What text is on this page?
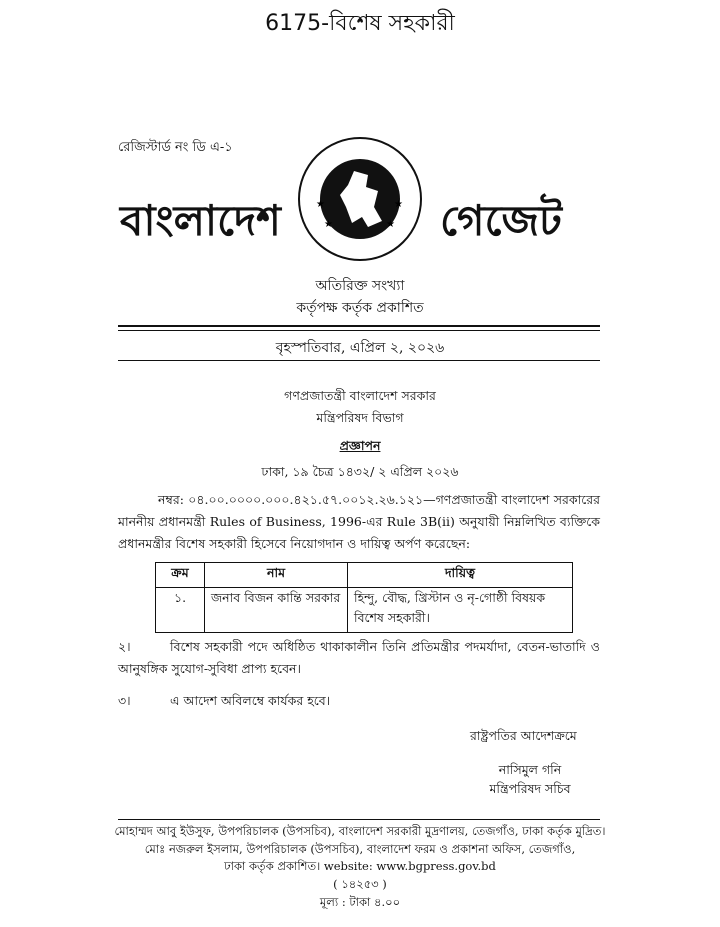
6175-বিশেষ সহকারী
রেজিস্টার্ড নং ডি এ-১
বাংলাদেশ	★	★
★	★ গেজেট
অতিরিক্ত সংখ্যা
কর্তৃপক্ষ কর্তৃক প্রকাশিত
বৃহস্পতিবার, এপ্রিল ২, ২০২৬
গণপ্রজাতন্ত্রী বাংলাদেশ সরকার
মন্ত্রিপরিষদ বিভাগ
প্রজ্ঞাপন
ঢাকা, ১৯ চৈত্র ১৪৩২/ ২ এপ্রিল ২০২৬
নম্বর: ০৪.০০.০০০০.০০০.৪২১.৫৭.০০১২.২৬.১২১—গণপ্রজাতন্ত্রী বাংলাদেশ সরকারের মাননীয় প্রধানমন্ত্রী Rules of Business, 1996-এর Rule 3B(ii) অনুযায়ী নিম্নলিখিত ব্যক্তিকে প্রধানমন্ত্রীর বিশেষ সহকারী হিসেবে নিয়োগদান ও দায়িত্ব অর্পণ করেছেন:
ক্রম	নাম	দায়িত্ব
১.	জনাব বিজন কান্তি সরকার	হিন্দু, বৌদ্ধ, খ্রিস্টান ও নৃ-গোষ্ঠী বিষয়ক বিশেষ সহকারী।
২।	বিশেষ সহকারী পদে অধিষ্ঠিত থাকাকালীন তিনি প্রতিমন্ত্রীর পদমর্যাদা, বেতন-ভাতাদি ও আনুষঙ্গিক সুযোগ-সুবিধা প্রাপ্য হবেন।
৩।	এ আদেশ অবিলম্বে কার্যকর হবে।
রাষ্ট্রপতির আদেশক্রমে
নাসিমুল গনি
মন্ত্রিপরিষদ সচিব
মোহাম্মদ আবু ইউসুফ, উপপরিচালক (উপসচিব), বাংলাদেশ সরকারী মুদ্রণালয়, তেজগাঁও, ঢাকা কর্তৃক মুদ্রিত।
মোঃ নজরুল ইসলাম, উপপরিচালক (উপসচিব), বাংলাদেশ ফরম ও প্রকাশনা অফিস, তেজগাঁও,
ঢাকা কর্তৃক প্রকাশিত। website: www.bgpress.gov.bd
( ১৪২৫৩ )
মূল্য : টাকা ৪.০০
